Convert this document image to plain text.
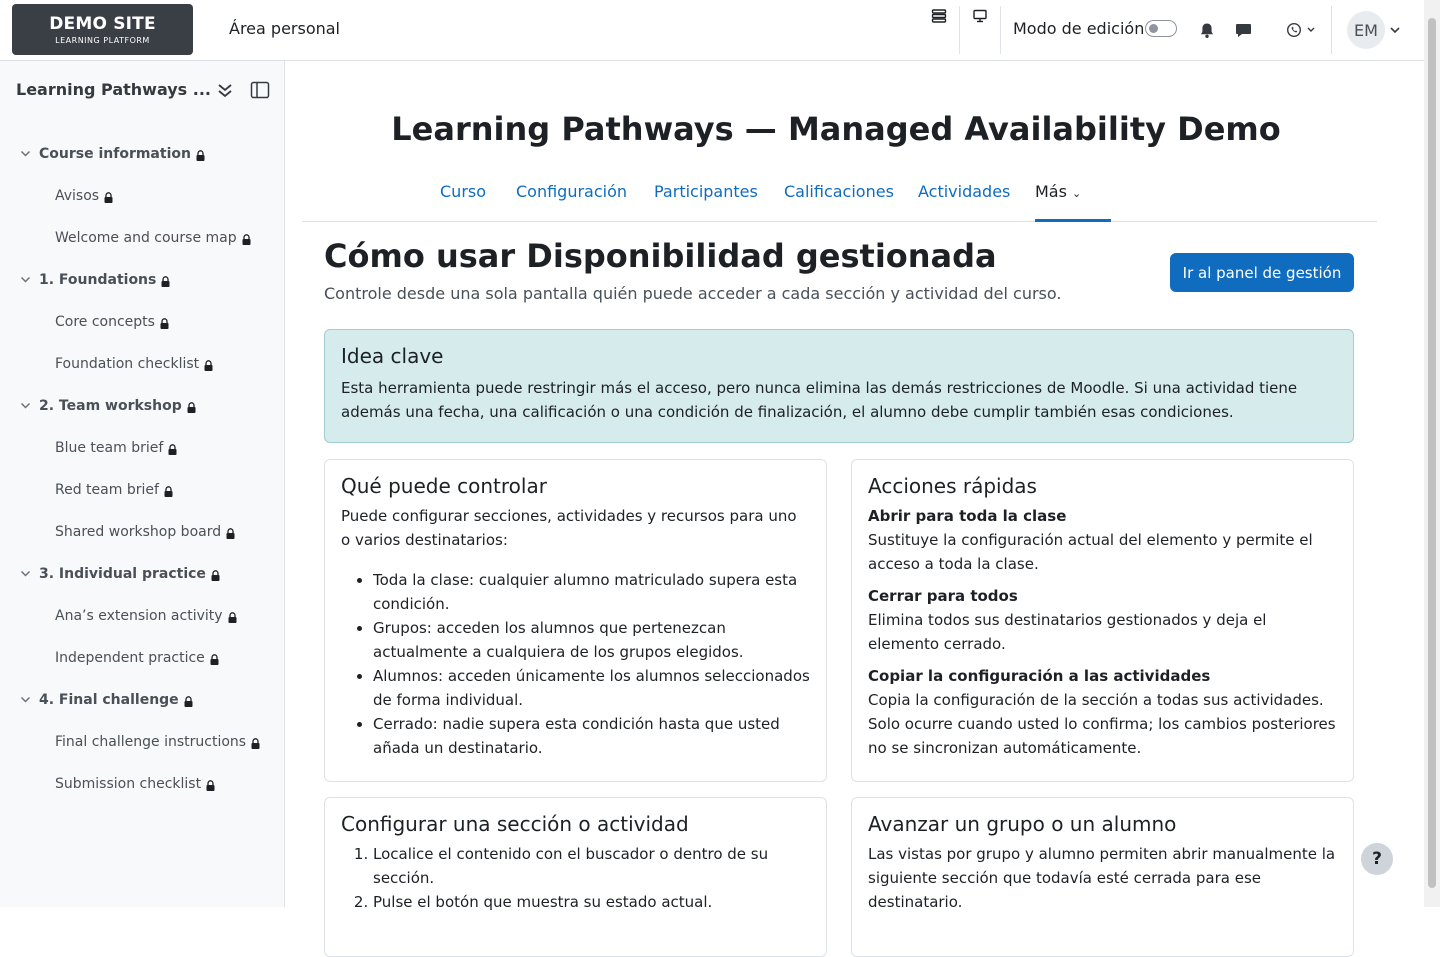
DEMO SITE
LEARNING PLATFORM
Área personal	Modo de edición	EM
Learning Pathways ...
Course information
Avisos
Welcome and course map
1. Foundations
Core concepts
Foundation checklist
2. Team workshop
Blue team brief
Red team brief
Shared workshop board
3. Individual practice
Ana’s extension activity
Independent practice
4. Final challenge
Final challenge instructions
Submission checklist
Learning Pathways — Managed Availability Demo
Curso Configuración Participantes Calificaciones Actividades Más ⌄
Cómo usar Disponibilidad gestionada
Controle desde una sola pantalla quién puede acceder a cada sección y actividad del curso.
Ir al panel de gestión
Idea clave

Esta herramienta puede restringir más el acceso, pero nunca elimina las demás restricciones de Moodle. Si una actividad tiene además una fecha, una calificación o una condición de finalización, el alumno debe cumplir también esas condiciones.

Qué puede controlar

Puede configurar secciones, actividades y recursos para uno o varios destinatarios:

• Toda la clase: cualquier alumno matriculado supera esta condición.
• Grupos: acceden los alumnos que pertenezcan actualmente a cualquiera de los grupos elegidos.
• Alumnos: acceden únicamente los alumnos seleccionados de forma individual.
• Cerrado: nadie supera esta condición hasta que usted añada un destinatario.
Acciones rápidas
Abrir para toda la clase

Sustituye la configuración actual del elemento y permite el acceso a toda la clase.

Cerrar para todos

Elimina todos sus destinatarios gestionados y deja el elemento cerrado.

Copiar la configuración a las actividades

Copia la configuración de la sección a todas sus actividades. Solo ocurre cuando usted lo confirma; los cambios posteriores no se sincronizan automáticamente.

Configurar una sección o actividad
1. Localice el contenido con el buscador o dentro de su sección.
2. Pulse el botón que muestra su estado actual.
Avanzar un grupo o un alumno

Las vistas por grupo y alumno permiten abrir manualmente la siguiente sección que todavía esté cerrada para ese destinatario.

?
